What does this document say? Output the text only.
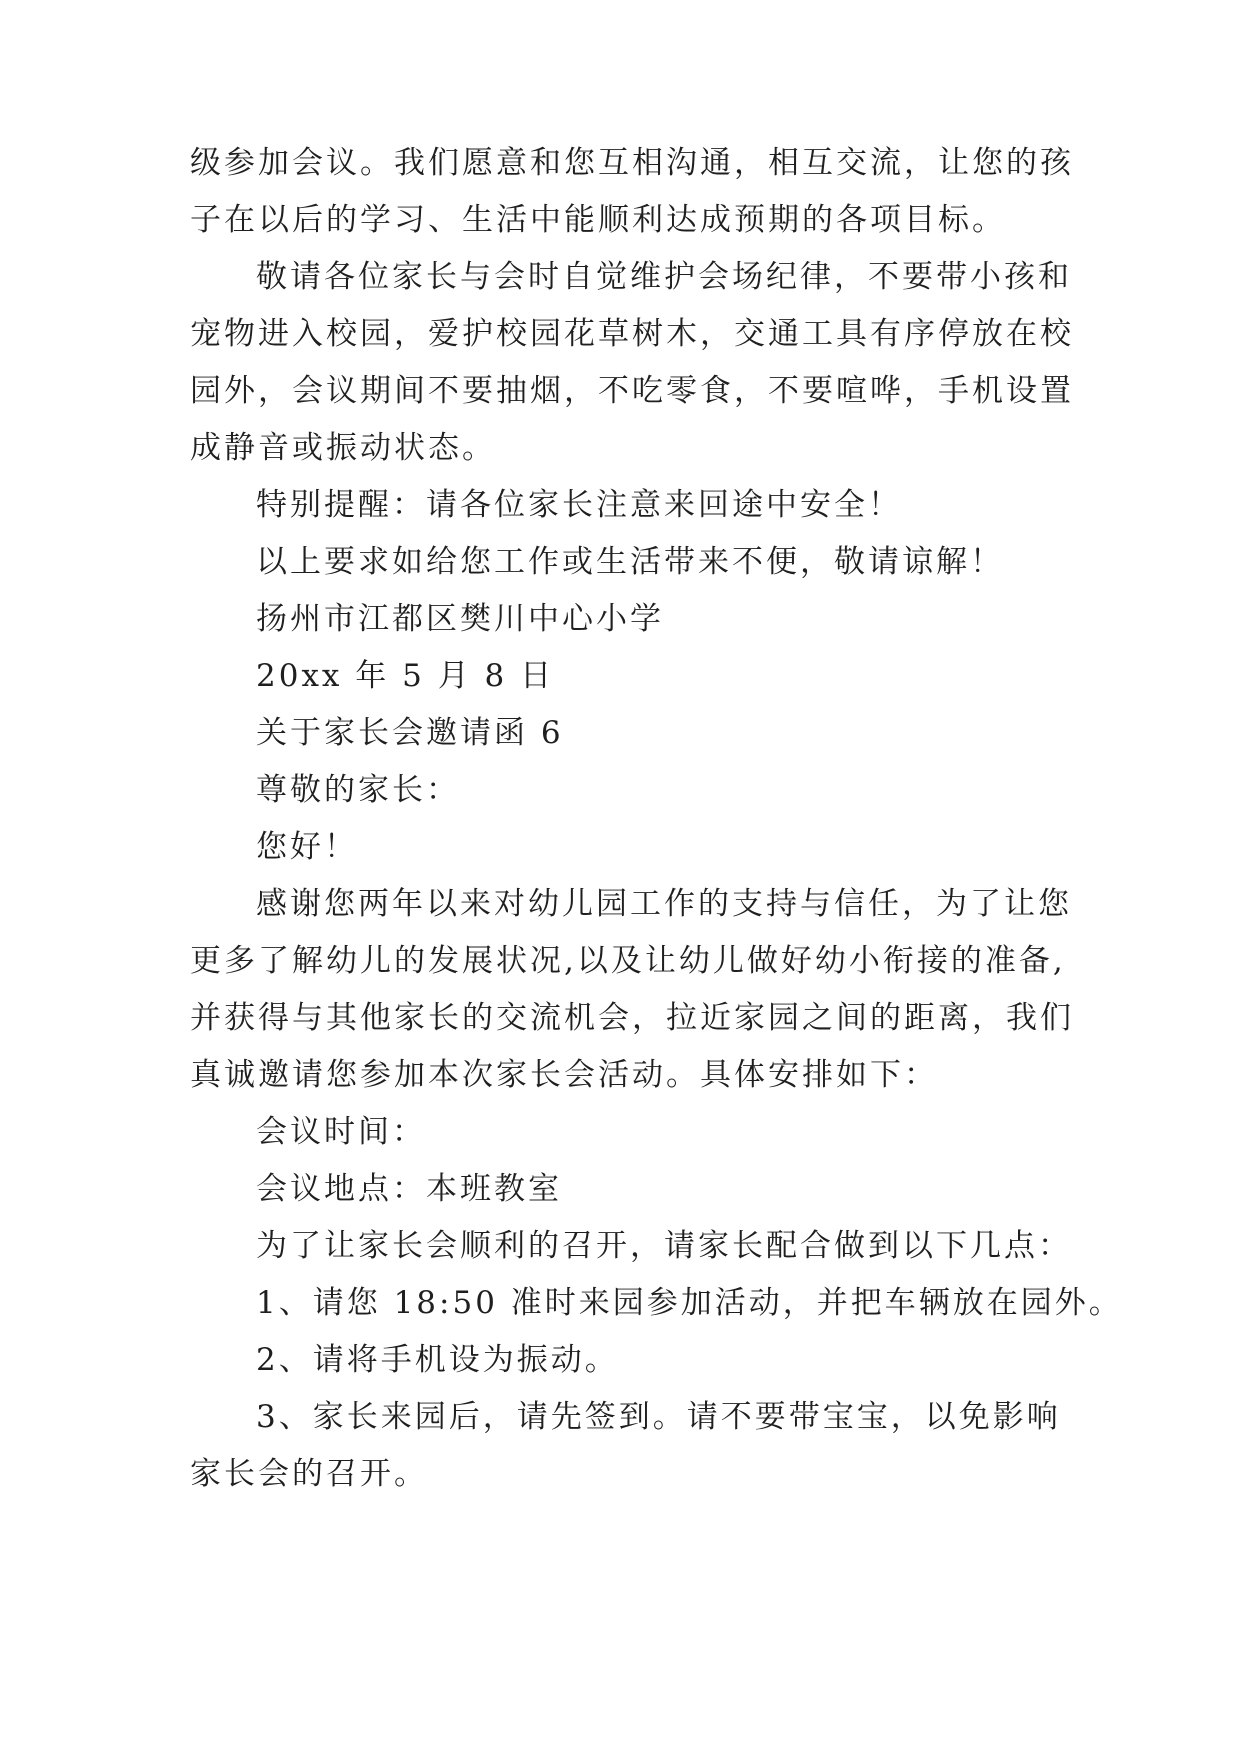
级参加会议。我们愿意和您互相沟通，相互交流，让您的孩
子在以后的学习、生活中能顺利达成预期的各项目标。
敬请各位家长与会时自觉维护会场纪律，不要带小孩和
宠物进入校园，爱护校园花草树木，交通工具有序停放在校
园外，会议期间不要抽烟，不吃零食，不要喧哗，手机设置
成静音或振动状态。
特别提醒：请各位家长注意来回途中安全！
以上要求如给您工作或生活带来不便，敬请谅解！
扬州市江都区樊川中心小学
20xx 年 5 月 8 日
关于家长会邀请函 6
尊敬的家长：
您好！
感谢您两年以来对幼儿园工作的支持与信任，为了让您
更多了解幼儿的发展状况,以及让幼儿做好幼小衔接的准备,
并获得与其他家长的交流机会，拉近家园之间的距离，我们
真诚邀请您参加本次家长会活动。具体安排如下：
会议时间：
会议地点：本班教室
为了让家长会顺利的召开，请家长配合做到以下几点：
1、请您 18:50 准时来园参加活动，并把车辆放在园外。
2、请将手机设为振动。
3、家长来园后，请先签到。请不要带宝宝，以免影响
家长会的召开。
